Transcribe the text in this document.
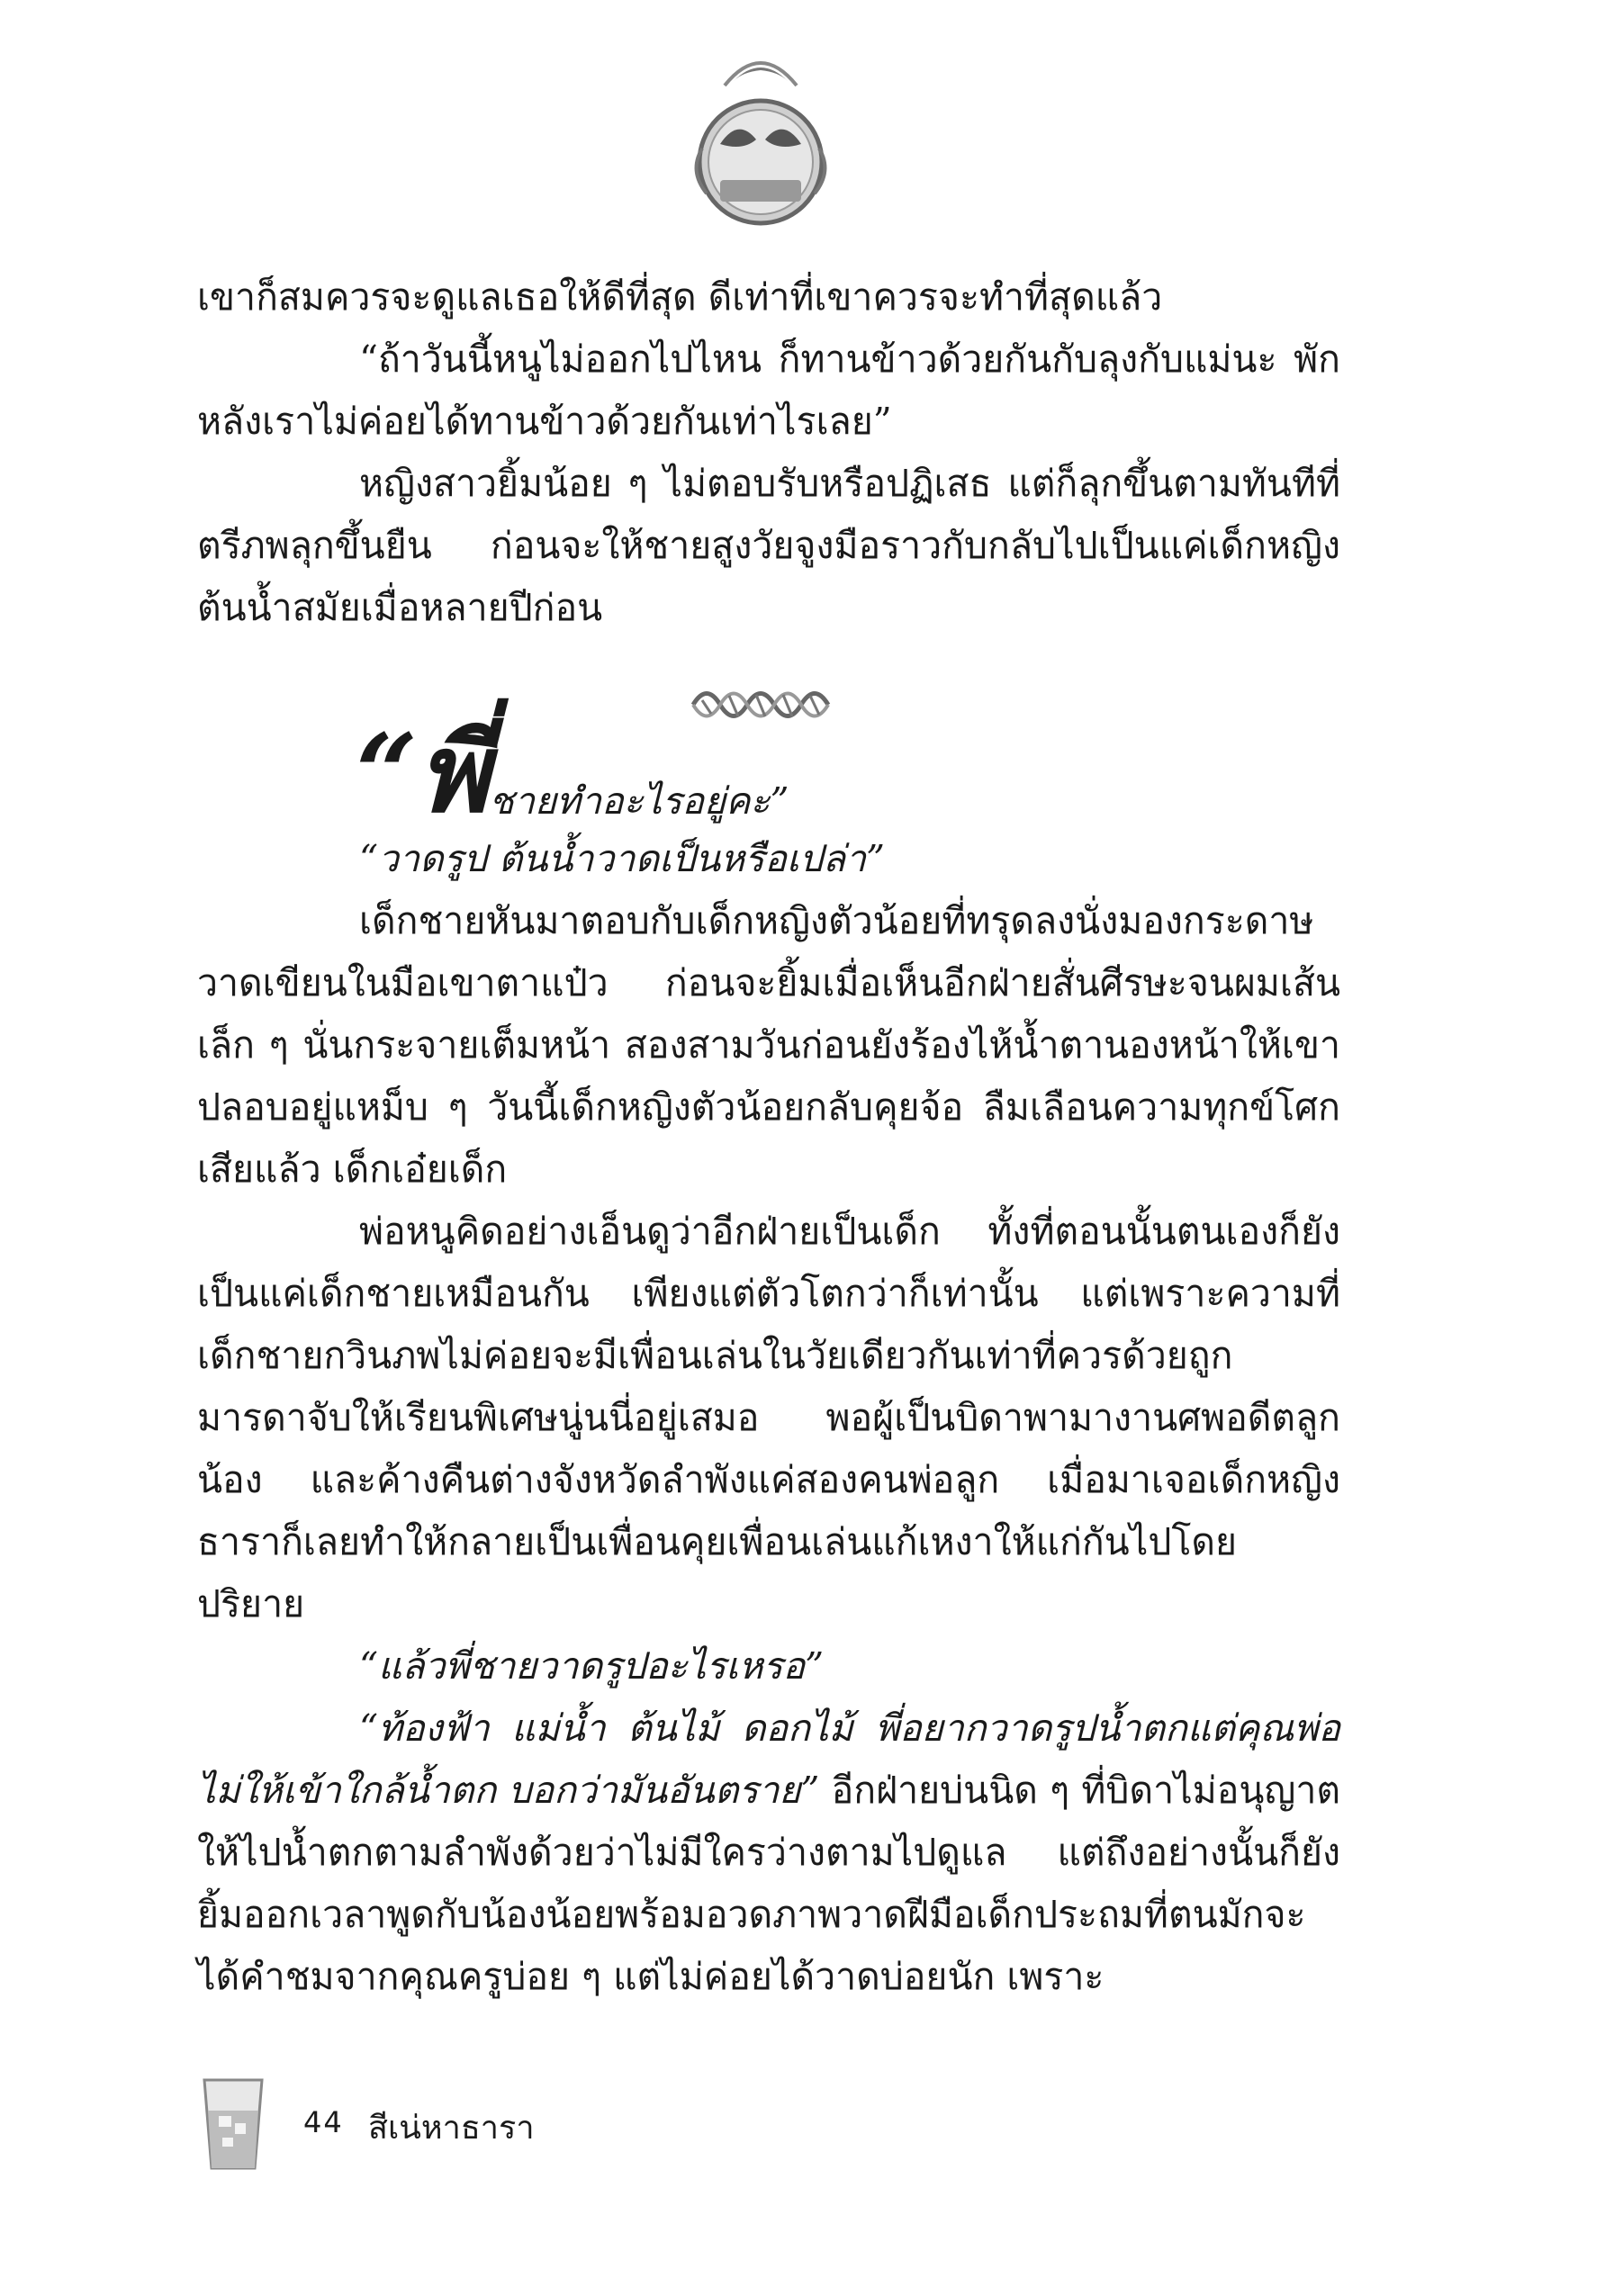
เขาก็สมควรจะดูแลเธอให้ดีที่สุด ดีเท่าที่เขาควรจะทำที่สุดแล้ว

“ถ้าวันนี้หนูไม่ออกไปไหน ก็ทานข้าวด้วยกันกับลุงกับแม่นะ พักหลังเราไม่ค่อยได้ทานข้าวด้วยกันเท่าไรเลย”

หญิงสาวยิ้มน้อย ๆ ไม่ตอบรับหรือปฏิเสธ แต่ก็ลุกขึ้นตามทันทีที่ตรีภพลุกขึ้นยืน ก่อนจะให้ชายสูงวัยจูงมือราวกับกลับไปเป็นแค่เด็กหญิงต้นน้ำสมัยเมื่อหลายปีก่อน

“พี่ชายทำอะไรอยู่คะ”

“วาดรูป ต้นน้ำวาดเป็นหรือเปล่า”

เด็กชายหันมาตอบกับเด็กหญิงตัวน้อยที่ทรุดลงนั่งมองกระดาษวาดเขียนในมือเขาตาแป๋ว ก่อนจะยิ้มเมื่อเห็นอีกฝ่ายสั่นศีรษะจนผมเส้นเล็ก ๆ นั่นกระจายเต็มหน้า สองสามวันก่อนยังร้องไห้น้ำตานองหน้าให้เขาปลอบอยู่แหม็บ ๆ วันนี้เด็กหญิงตัวน้อยกลับคุยจ้อ ลืมเลือนความทุกข์โศกเสียแล้ว เด็กเอ๋ยเด็ก

พ่อหนูคิดอย่างเอ็นดูว่าอีกฝ่ายเป็นเด็ก ทั้งที่ตอนนั้นตนเองก็ยังเป็นแค่เด็กชายเหมือนกัน เพียงแต่ตัวโตกว่าก็เท่านั้น แต่เพราะความที่เด็กชายกวินภพไม่ค่อยจะมีเพื่อนเล่นในวัยเดียวกันเท่าที่ควรด้วยถูกมารดาจับให้เรียนพิเศษนู่นนี่อยู่เสมอ พอผู้เป็นบิดาพามางานศพอดีตลูกน้อง และค้างคืนต่างจังหวัดลำพังแค่สองคนพ่อลูก เมื่อมาเจอเด็กหญิงธาราก็เลยทำให้กลายเป็นเพื่อนคุยเพื่อนเล่นแก้เหงาให้แก่กันไปโดยปริยาย

“แล้วพี่ชายวาดรูปอะไรเหรอ”

“ท้องฟ้า แม่น้ำ ต้นไม้ ดอกไม้ พี่อยากวาดรูปน้ำตกแต่คุณพ่อไม่ให้เข้าใกล้น้ำตก บอกว่ามันอันตราย” อีกฝ่ายบ่นนิด ๆ ที่บิดาไม่อนุญาตให้ไปน้ำตกตามลำพังด้วยว่าไม่มีใครว่างตามไปดูแล แต่ถึงอย่างนั้นก็ยังยิ้มออกเวลาพูดกับน้องน้อยพร้อมอวดภาพวาดฝีมือเด็กประถมที่ตนมักจะได้คำชมจากคุณครูบ่อย ๆ แต่ไม่ค่อยได้วาดบ่อยนัก เพราะ

44 สีเน่หาธารา
